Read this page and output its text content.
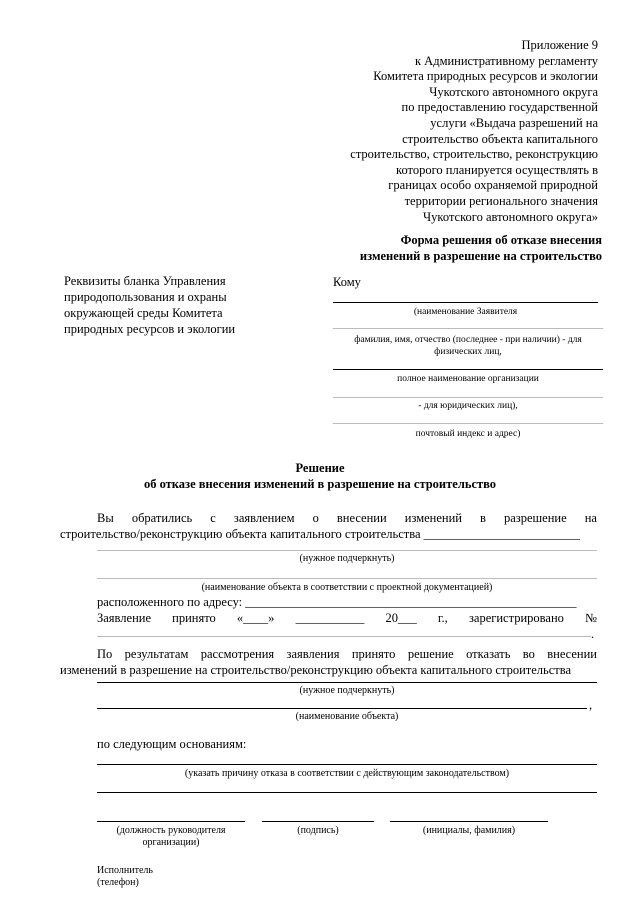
Приложение 9
к Административному регламенту
Комитета природных ресурсов и экологии
Чукотского автономного округа
по предоставлению государственной
услуги «Выдача разрешений на
строительство объекта капитального
строительство, строительство, реконструкцию
которого планируется осуществлять в
границах особо охраняемой природной
территории регионального значения
Чукотского автономного округа»
Форма решения об отказе внесения
изменений в разрешение на строительство
Реквизиты бланка Управления
природопользования и охраны
окружающей среды Комитета
природных ресурсов и экологии
Кому
(наименование Заявителя
фамилия, имя, отчество (последнее - при наличии) - для
физических лиц,
полное наименование организации
- для юридических лиц),
почтовый индекс и адрес)
Решение
об отказе внесения изменений в разрешение на строительство
Вы обратились с заявлением о внесении изменений в разрешение на
строительство/реконструкцию объекта капитального строительства _________________________
(нужное подчеркнуть)
(наименование объекта в соответствии с проектной документацией)
расположенного по адресу: _____________________________________________________
Заявление принято «____» ___________ 20___ г., зарегистрировано №
.
По результатам рассмотрения заявления принято решение отказать во внесении
изменений в разрешение на строительство/реконструкцию объекта капитального строительства
(нужное подчеркнуть)
,
(наименование объекта)
по следующим основаниям:
(указать причину отказа в соответствии с действующим законодательством)
(должность руководителя
организации)
(подпись)	(инициалы, фамилия)
Исполнитель
(телефон)
